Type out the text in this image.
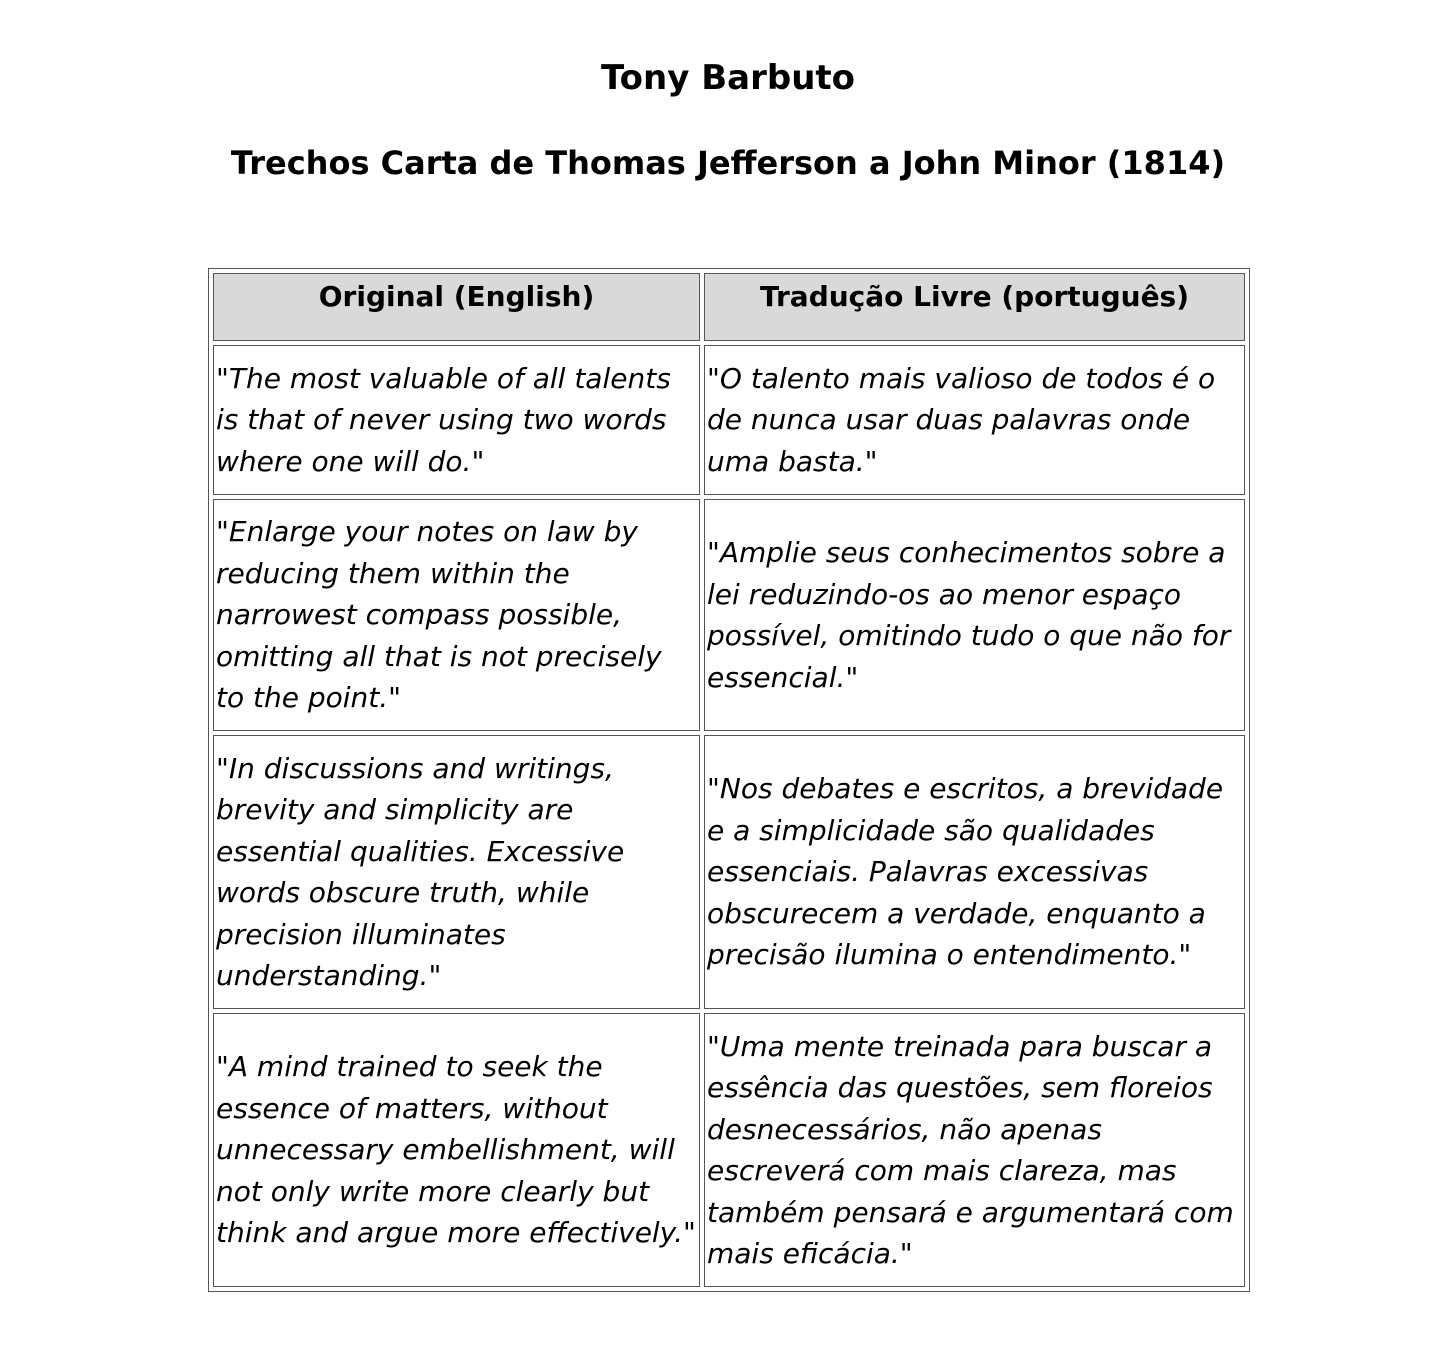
Tony Barbuto
Trechos Carta de Thomas Jefferson a John Minor (1814)
Original (English)	Tradução Livre (português)
"The most valuable of all talents is that of never using two words where one will do."	"O talento mais valioso de todos é o de nunca usar duas palavras onde uma basta."
"Enlarge your notes on law by reducing them within the narrowest compass possible, omitting all that is not precisely to the point."	"Amplie seus conhecimentos sobre a lei reduzindo-os ao menor espaço possível, omitindo tudo o que não for essencial."
"In discussions and writings, brevity and simplicity are essential qualities. Excessive words obscure truth, while precision illuminates understanding."	"Nos debates e escritos, a brevidade e a simplicidade são qualidades essenciais. Palavras excessivas obscurecem a verdade, enquanto a precisão ilumina o entendimento."
"A mind trained to seek the essence of matters, without unnecessary embellishment, will not only write more clearly but think and argue more effectively."	"Uma mente treinada para buscar a essência das questões, sem floreios desnecessários, não apenas escreverá com mais clareza, mas também pensará e argumentará com mais eficácia."
